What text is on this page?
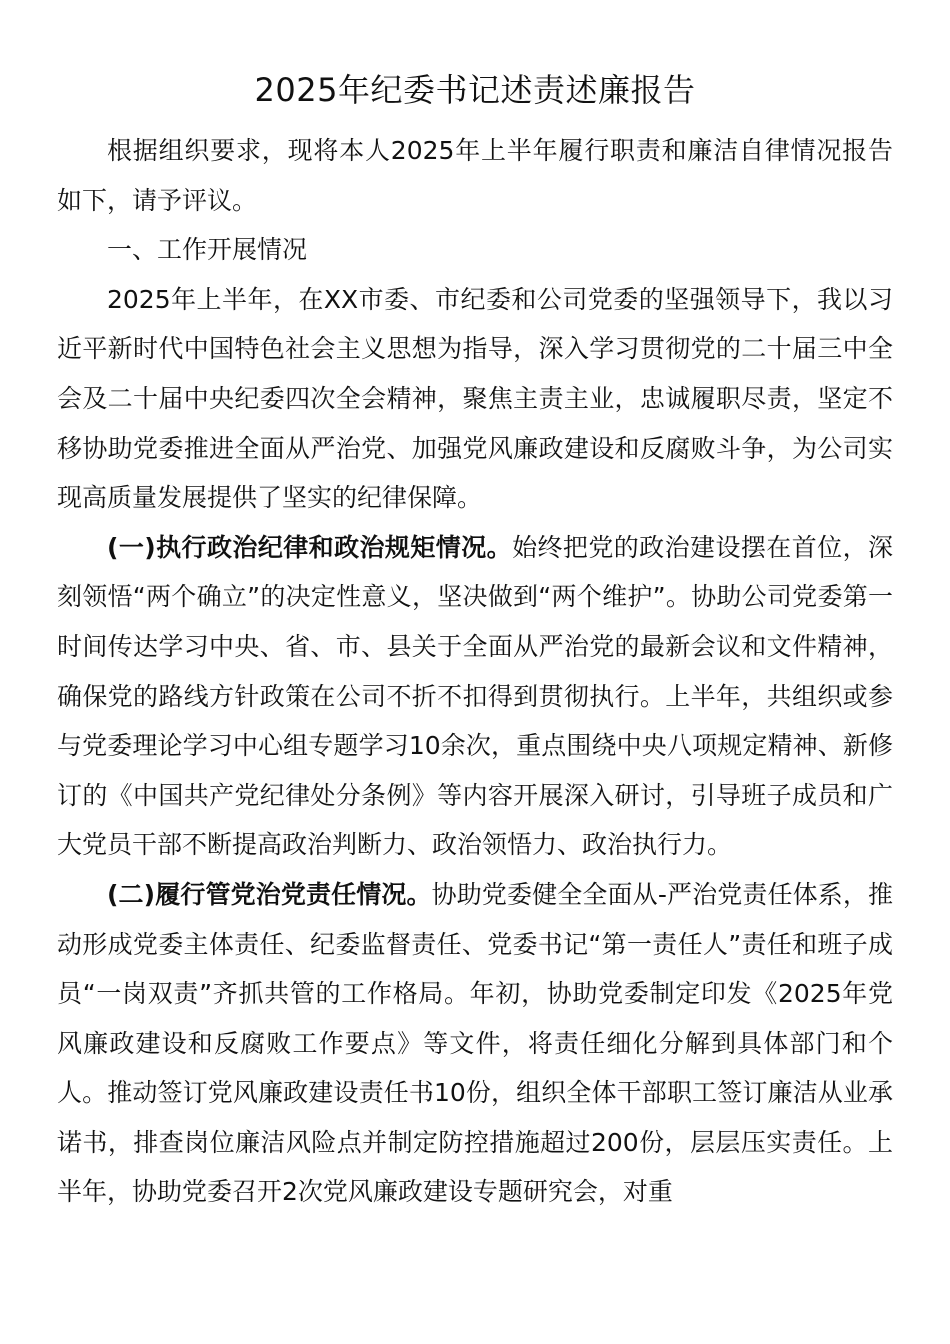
2025年纪委书记述责述廉报告

根据组织要求，现将本人2025年上半年履行职责和廉洁自律情况报告如下，请予评议。

一、工作开展情况

2025年上半年，在XX市委、市纪委和公司党委的坚强领导下，我以习近平新时代中国特色社会主义思想为指导，深入学习贯彻党的二十届三中全会及二十届中央纪委四次全会精神，聚焦主责主业，忠诚履职尽责，坚定不移协助党委推进全面从严治党、加强党风廉政建设和反腐败斗争，为公司实现高质量发展提供了坚实的纪律保障。

(一)执行政治纪律和政治规矩情况。始终把党的政治建设摆在首位，深刻领悟“两个确立”的决定性意义，坚决做到“两个维护”。协助公司党委第一时间传达学习中央、省、市、县关于全面从严治党的最新会议和文件精神，确保党的路线方针政策在公司不折不扣得到贯彻执行。上半年，共组织或参与党委理论学习中心组专题学习10余次，重点围绕中央八项规定精神、新修订的《中国共产党纪律处分条例》等内容开展深入研讨，引导班子成员和广大党员干部不断提高政治判断力、政治领悟力、政治执行力。

(二)履行管党治党责任情况。协助党委健全全面从-严治党责任体系，推动形成党委主体责任、纪委监督责任、党委书记“第一责任人”责任和班子成员“一岗双责”齐抓共管的工作格局。年初，协助党委制定印发《2025年党风廉政建设和反腐败工作要点》等文件，将责任细化分解到具体部门和个人。推动签订党风廉政建设责任书10份，组织全体干部职工签订廉洁从业承诺书，排查岗位廉洁风险点并制定防控措施超过200份，层层压实责任。上半年，协助党委召开2次党风廉政建设专题研究会，对重
